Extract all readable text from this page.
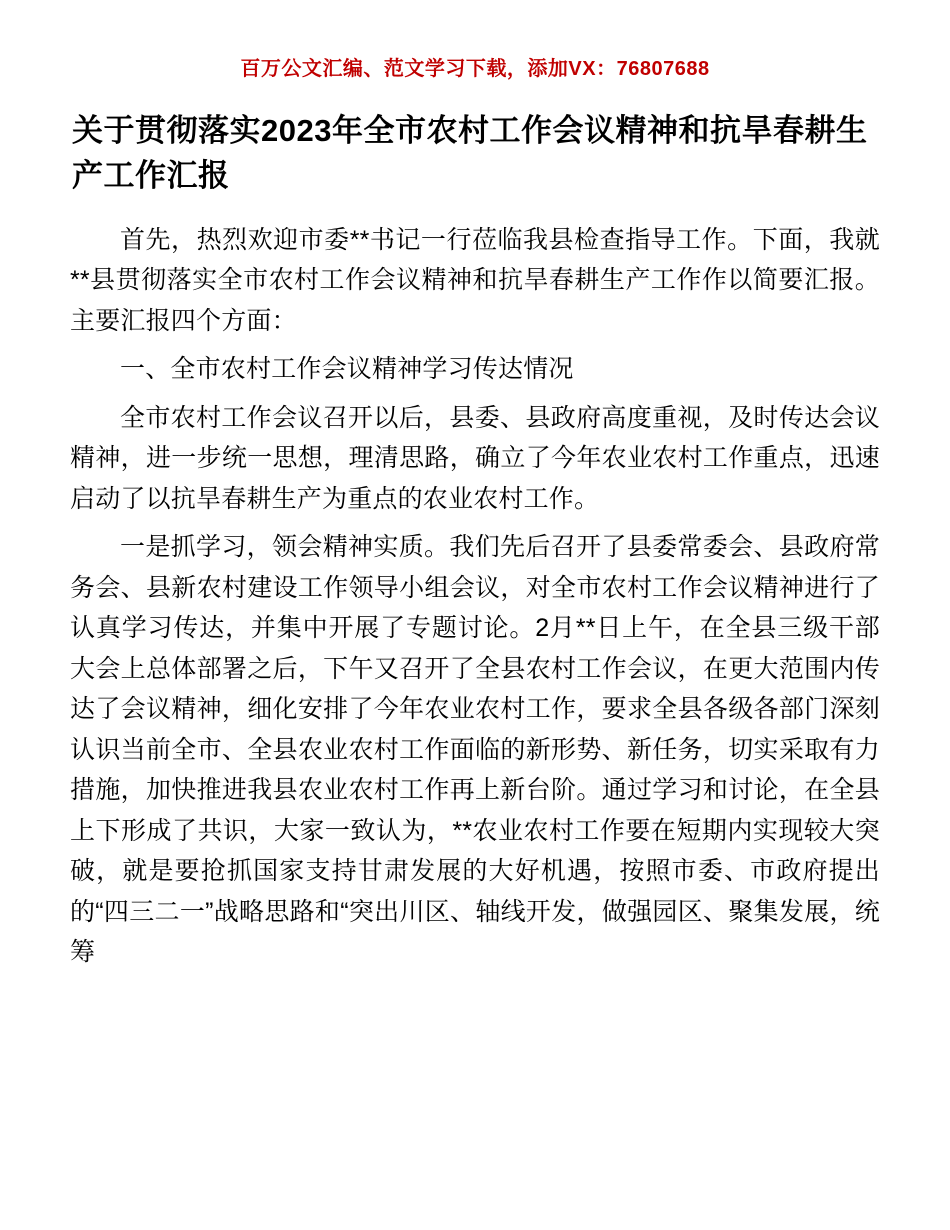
百万公文汇编、范文学习下载，添加VX：76807688
关于贯彻落实2023年全市农村工作会议精神和抗旱春耕生产工作汇报

首先，热烈欢迎市委**书记一行莅临我县检查指导工作。下面，我就**县贯彻落实全市农村工作会议精神和抗旱春耕生产工作作以简要汇报。主要汇报四个方面：

一、全市农村工作会议精神学习传达情况

全市农村工作会议召开以后，县委、县政府高度重视，及时传达会议精神，进一步统一思想，理清思路，确立了今年农业农村工作重点，迅速启动了以抗旱春耕生产为重点的农业农村工作。

一是抓学习，领会精神实质。我们先后召开了县委常委会、县政府常务会、县新农村建设工作领导小组会议，对全市农村工作会议精神进行了认真学习传达，并集中开展了专题讨论。2月**日上午，在全县三级干部大会上总体部署之后，下午又召开了全县农村工作会议，在更大范围内传达了会议精神，细化安排了今年农业农村工作，要求全县各级各部门深刻认识当前全市、全县农业农村工作面临的新形势、新任务，切实采取有力措施，加快推进我县农业农村工作再上新台阶。通过学习和讨论，在全县上下形成了共识，大家一致认为，**农业农村工作要在短期内实现较大突破，就是要抢抓国家支持甘肃发展的大好机遇，按照市委、市政府提出的“四三二一”战略思路和“突出川区、轴线开发，做强园区、聚集发展，统筹
